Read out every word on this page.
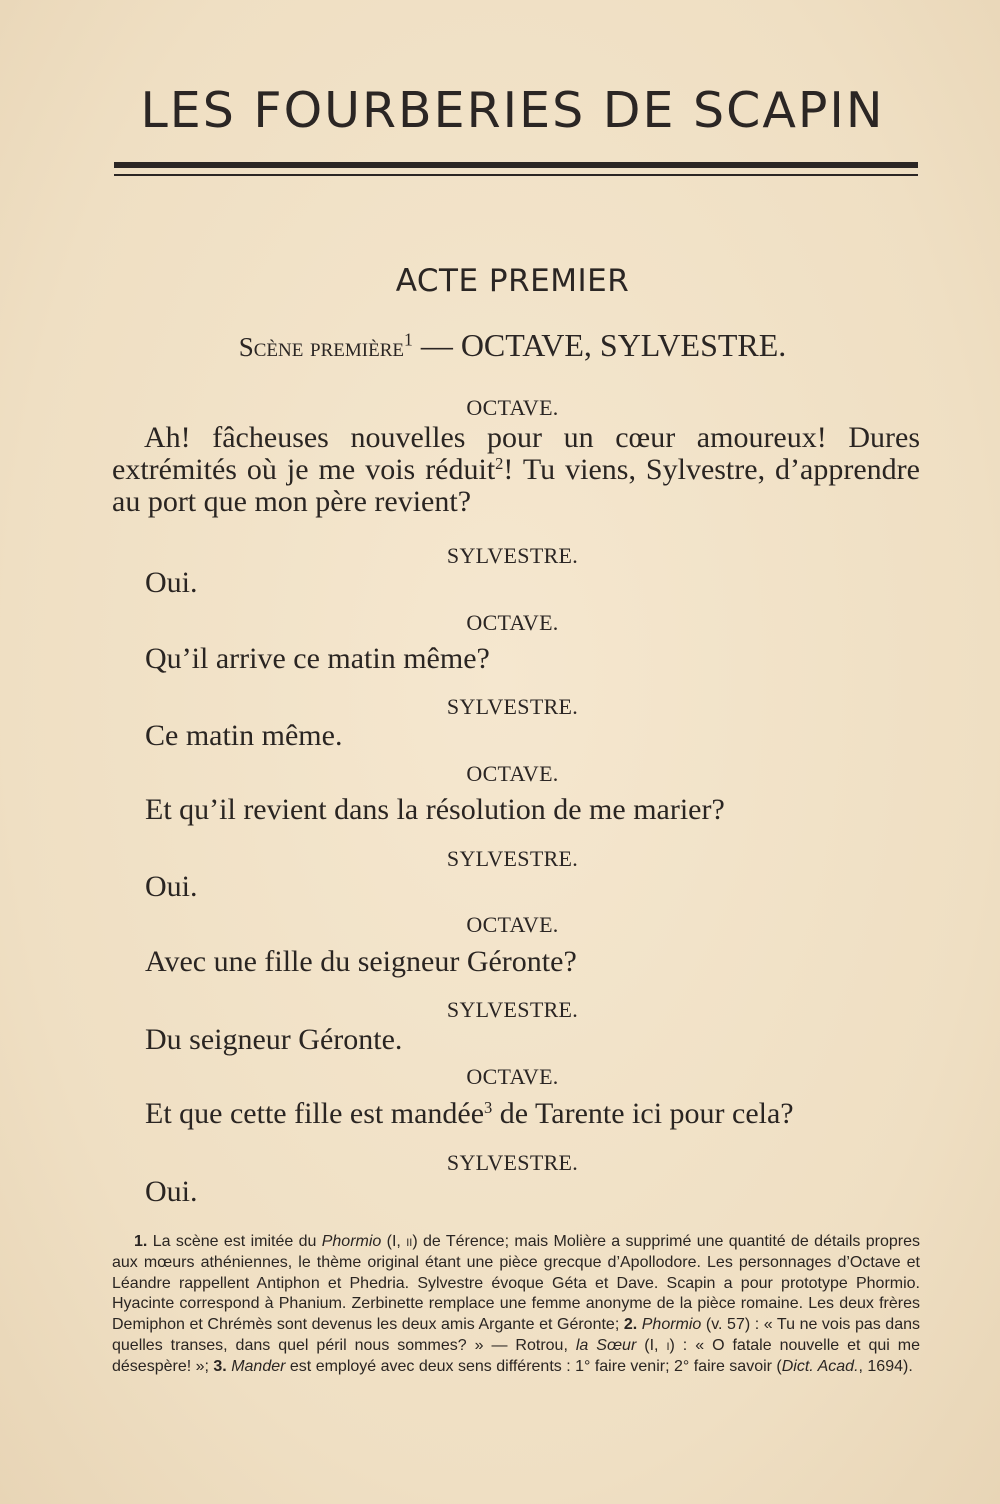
LES FOURBERIES DE SCAPIN
ACTE PREMIER
Scène première$^1$ — OCTAVE, SYLVESTRE.
OCTAVE.

Ah! fâcheuses nouvelles pour un cœur amoureux! Dures extrémités où je me vois réduit$^2$! Tu viens, Sylvestre, d’apprendre au port que mon père revient?

SYLVESTRE.
Oui.
OCTAVE.
Qu’il arrive ce matin même?
SYLVESTRE.
Ce matin même.
OCTAVE.
Et qu’il revient dans la résolution de me marier?
SYLVESTRE.
Oui.
OCTAVE.
Avec une fille du seigneur Géronte?
SYLVESTRE.
Du seigneur Géronte.
OCTAVE.
Et que cette fille est mandée$^3$ de Tarente ici pour cela?
SYLVESTRE.
Oui.

1. La scène est imitée du Phormio (I, ii) de Térence; mais Molière a supprimé une quantité de détails propres aux mœurs athéniennes, le thème original étant une pièce grecque d’Apollodore. Les personnages d’Octave et Léandre rappellent Antiphon et Phedria. Sylvestre évoque Géta et Dave. Scapin a pour prototype Phormio. Hyacinte correspond à Phanium. Zerbinette remplace une femme anonyme de la pièce romaine. Les deux frères Demiphon et Chrémès sont devenus les deux amis Argante et Géronte; 2. Phormio (v. 57) : « Tu ne vois pas dans quelles transes, dans quel péril nous sommes? » — Rotrou, la Sœur (I, i) : « O fatale nouvelle et qui me désespère! »; 3. Mander est employé avec deux sens différents : 1° faire venir; 2° faire savoir (Dict. Acad., 1694).
